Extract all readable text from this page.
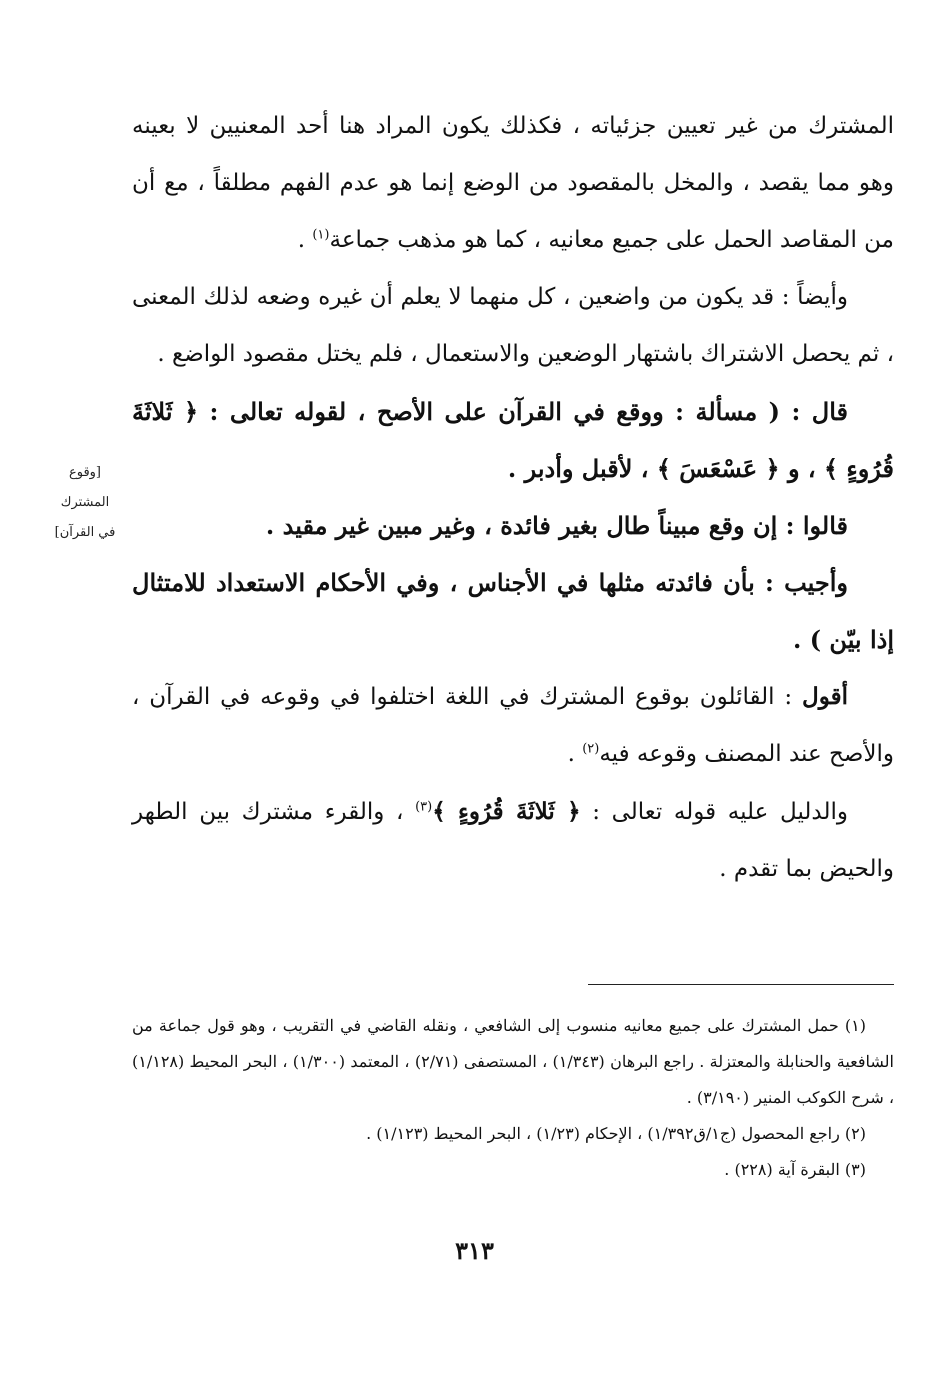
المشترك من غير تعيين جزئياته ، فكذلك يكون المراد هنا أحد المعنيين لا بعينه وهو مما يقصد ، والمخل بالمقصود من الوضع إنما هو عدم الفهم مطلقاً ، مع أن من المقاصد الحمل على جميع معانيه ، كما هو مذهب جماعة$^{(١)}$ .

وأيضاً : قد يكون من واضعين ، كل منهما لا يعلم أن غيره وضعه لذلك المعنى ، ثم يحصل الاشتراك باشتهار الوضعين والاستعمال ، فلم يختل مقصود الواضع .

قال : ( مسألة : ووقع في القرآن على الأصح ، لقوله تعالى : ﴿ ثَلاثَةَ قُرُوءٍ ﴾ ، و ﴿ عَسْعَسَ ﴾ ، لأقبل وأدبر .

قالوا : إن وقع مبيناً طال بغير فائدة ، وغير مبين غير مقيد .

وأجيب : بأن فائدته مثلها في الأجناس ، وفي الأحكام الاستعداد للامتثال إذا بيّن ) .

أقول : القائلون بوقوع المشترك في اللغة اختلفوا في وقوعه في القرآن ، والأصح عند المصنف وقوعه فيه$^{(٢)}$ .

والدليل عليه قوله تعالى : ﴿ ثَلاثَةَ قُرُوءٍ ﴾$^{(٣)}$ ، والقرء مشترك بين الطهر والحيض بما تقدم .

[وقوع
المشترك
في القرآن]

(١) حمل المشترك على جميع معانيه منسوب إلى الشافعي ، ونقله القاضي في التقريب ، وهو قول جماعة من الشافعية والحنابلة والمعتزلة . راجع البرهان (١/٣٤٣) ، المستصفى (٢/٧١) ، المعتمد (١/٣٠٠) ، البحر المحيط (١/١٢٨) ، شرح الكوكب المنير (٣/١٩٠) .

(٢) راجع المحصول (ج١/ق١/٣٩٢) ، الإحكام (١/٢٣) ، البحر المحيط (١/١٢٣) .

(٣) البقرة آية (٢٢٨) .

٣١٣
